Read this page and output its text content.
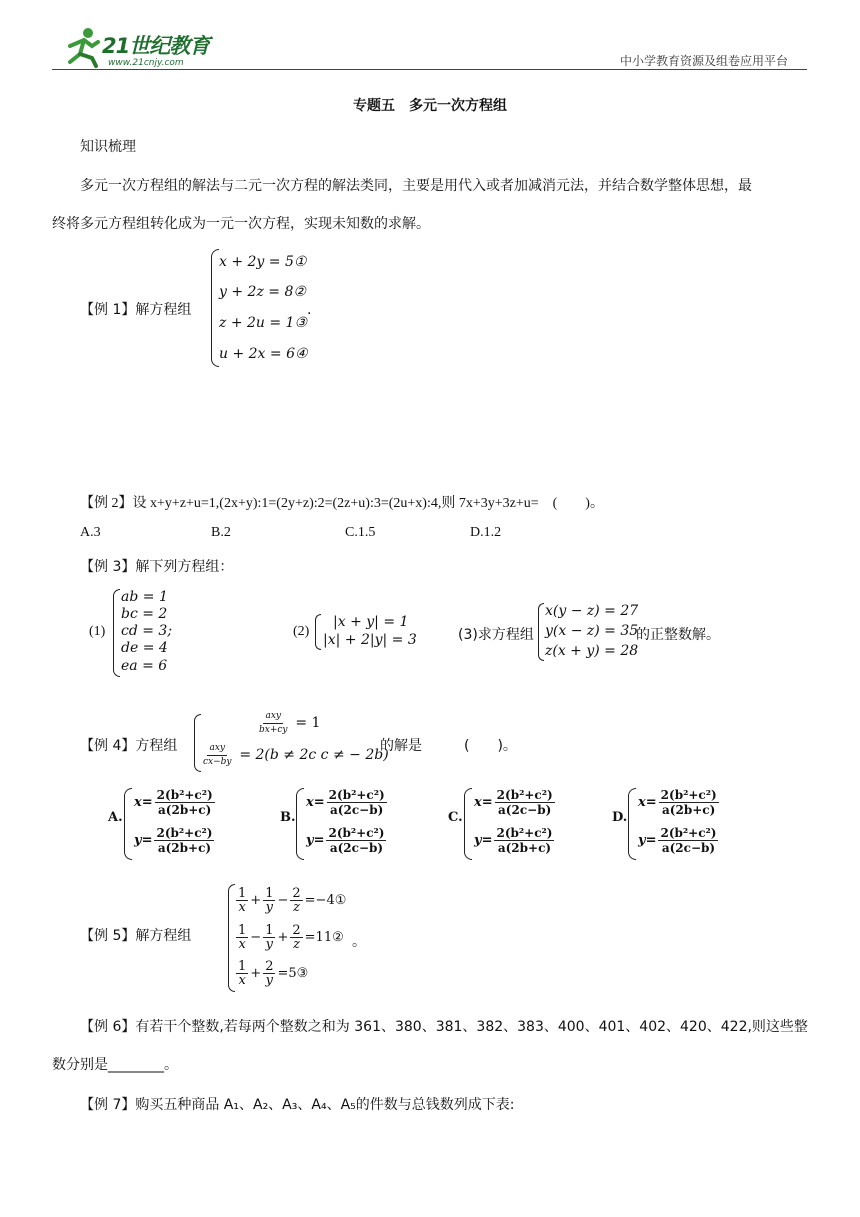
21世纪教育
www.21cnjy.com	中小学教育资源及组卷应用平台
专题五　多元一次方程组
知识梳理
多元一次方程组的解法与二元一次方程的解法类同，主要是用代入或者加减消元法，并结合数学整体思想，最
终将多元方程组转化成为一元一次方程，实现未知数的求解。
【例 1】解方程组
x + 2y = 5①
y + 2z = 8②
z + 2u = 1③
u + 2x = 6④
.
【例 2】设 x+y+z+u=1,(2x+y):1=(2y+z):2=(2z+u):3=(2u+x):4,则 7x+3y+3z+u=　(　　)。
A.3	B.2	C.1.5	D.1.2
【例 3】解下列方程组：
(1)
ab = 1
bc = 2
cd = 3;
de = 4
ea = 6
(2)
|x + y| = 1
|x| + 2|y| = 3	(3)求方程组
x(y − z) = 27
y(x − z) = 35
z(x + y) = 28
的正整数解。
【例 4】方程组
$\frac{\text{axy}}{bx+cy} = 1$
$\frac{\text{axy}}{cx-by} = 2(b \ne 2c$ c ≠ − 2b)
的解是　　　(　　)。
A.
$x= \frac{\text{2(b²+c²)}}{a(2b+c)}$
$y= \frac{\text{2(b²+c²)}}{a(2b+c)}$
B.
$x= \frac{\text{2(b²+c²)}}{a(2c-b)}$
$y= \frac{\text{2(b²+c²)}}{a(2c-b)}$
C.
$x= \frac{\text{2(b²+c²)}}{a(2c-b)}$
$y= \frac{\text{2(b²+c²)}}{a(2b+c)}$
D.
$x= \frac{\text{2(b²+c²)}}{a(2b+c)}$
$y= \frac{\text{2(b²+c²)}}{a(2c-b)}$
【例 5】解方程组
$\frac{1}{x} + \frac{1}{y} - \frac{2}{z}$ =−4①
$\frac{1}{x} - \frac{1}{y} + \frac{2}{z}$ =11②
$\frac{1}{x} + \frac{2}{y}$ =5③
。
【例 6】有若干个整数,若每两个整数之和为 361、380、381、382、383、400、401、402、420、422,则这些整
数分别是________。
【例 7】购买五种商品 A₁、A₂、A₃、A₄、A₅的件数与总钱数列成下表:
